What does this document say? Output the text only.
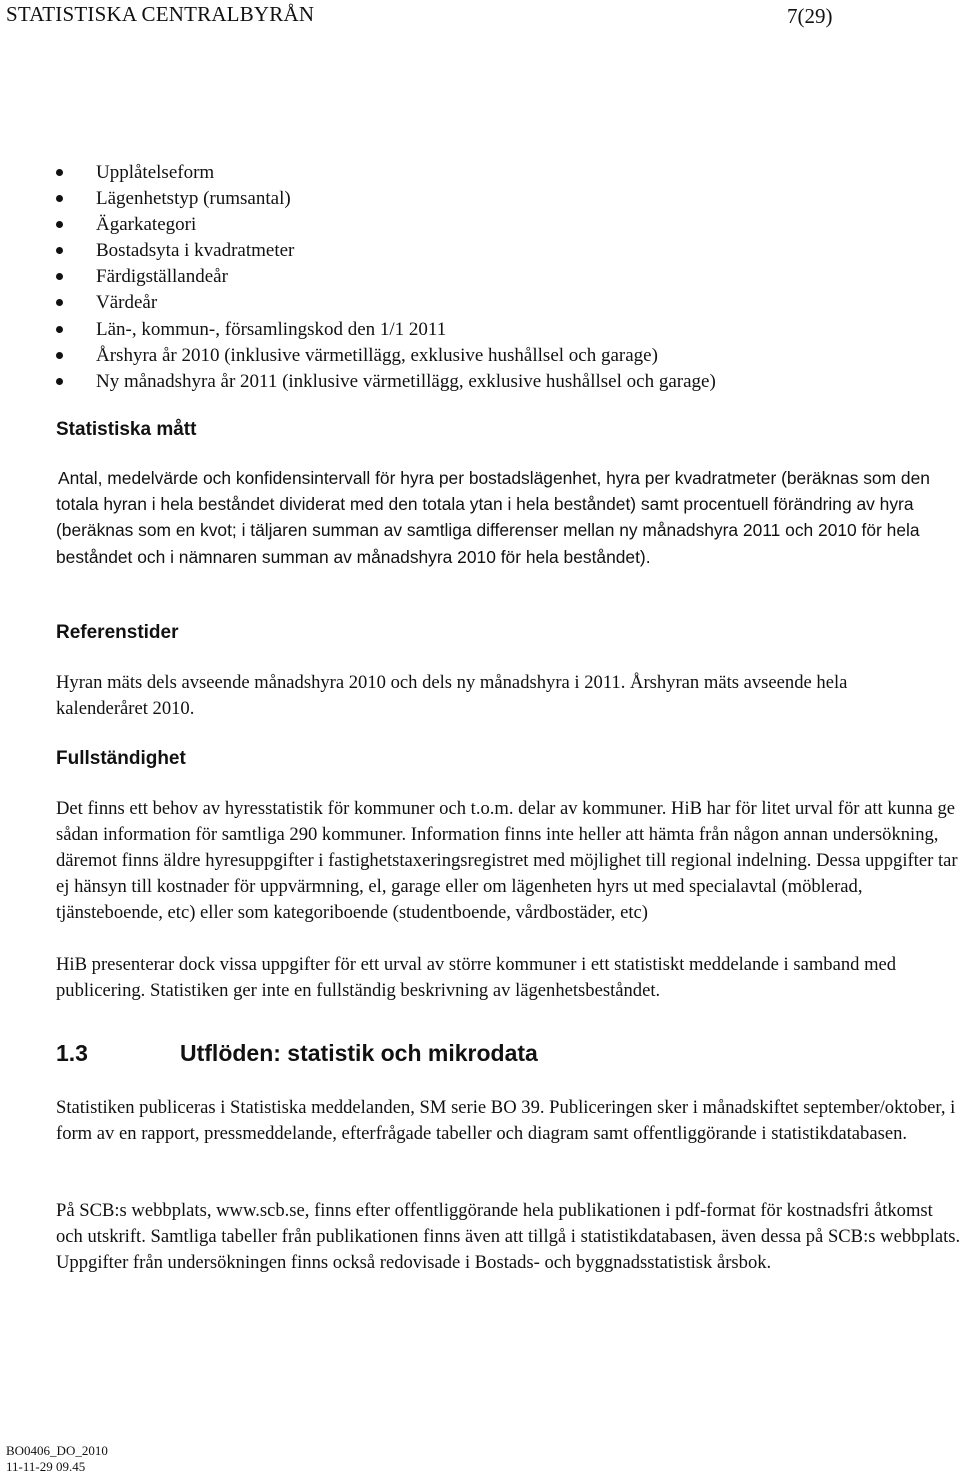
STATISTISKA CENTRALBYRÅN	7(29)
Upplåtelseform
Lägenhetstyp (rumsantal)
Ägarkategori
Bostadsyta i kvadratmeter
Färdigställandeår
Värdeår
Län-, kommun-, församlingskod den 1/1 2011
Årshyra år 2010 (inklusive värmetillägg, exklusive hushållsel och garage)
Ny månadshyra år 2011 (inklusive värmetillägg, exklusive hushållsel och garage)
Statistiska mått

Antal, medelvärde och konfidensintervall för hyra per bostadslägenhet, hyra per kvadratmeter (beräknas som den totala hyran i hela beståndet dividerat med den totala ytan i hela beståndet) samt procentuell förändring av hyra (beräknas som en kvot; i täljaren summan av samtliga differenser mellan ny månadshyra 2011 och 2010 för hela beståndet och i nämnaren summan av månadshyra 2010 för hela beståndet).

Referenstider

Hyran mäts dels avseende månadshyra 2010 och dels ny månadshyra i 2011. Årshyran mäts avseende hela kalenderåret 2010.

Fullständighet

Det finns ett behov av hyresstatistik för kommuner och t.o.m. delar av kommuner. HiB har för litet urval för att kunna ge sådan information för samtliga 290 kommuner. Information finns inte heller att hämta från någon annan undersökning, däremot finns äldre hyresuppgifter i fastighetstaxeringsregistret med möjlighet till regional indelning. Dessa uppgifter tar ej hänsyn till kostnader för uppvärmning, el, garage eller om lägenheten hyrs ut med specialavtal (möblerad, tjänsteboende, etc) eller som kategoriboende (studentboende, vårdbostäder, etc)

HiB presenterar dock vissa uppgifter för ett urval av större kommuner i ett statistiskt meddelande i samband med publicering. Statistiken ger inte en fullständig beskrivning av lägenhetsbeståndet.

1.3	Utflöden: statistik och mikrodata

Statistiken publiceras i Statistiska meddelanden, SM serie BO 39. Publiceringen sker i månadskiftet september/oktober, i form av en rapport, pressmeddelande, efterfrågade tabeller och diagram samt offentliggörande i statistikdatabasen.

På SCB:s webbplats, www.scb.se, finns efter offentliggörande hela publikationen i pdf-format för kostnadsfri åtkomst och utskrift. Samtliga tabeller från publikationen finns även att tillgå i statistikdatabasen, även dessa på SCB:s webbplats. Uppgifter från undersökningen finns också redovisade i Bostads- och byggnadsstatistisk årsbok.

BO0406_DO_2010
11-11-29 09.45
